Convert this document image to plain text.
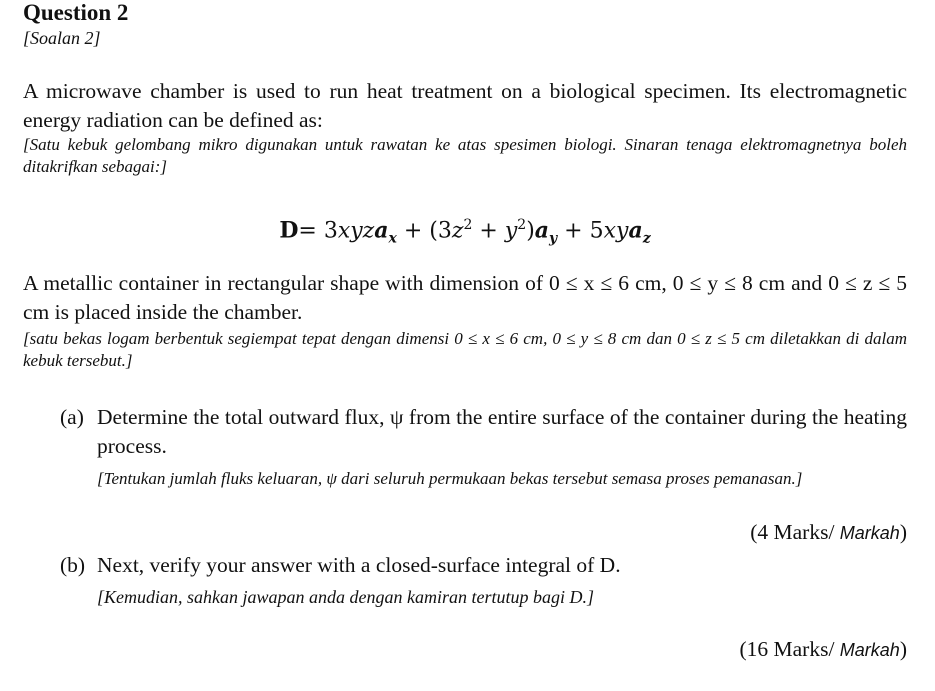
Question 2
[Soalan 2]
A microwave chamber is used to run heat treatment on a biological specimen. Its electromagnetic energy radiation can be defined as:
[Satu kebuk gelombang mikro digunakan untuk rawatan ke atas spesimen biologi. Sinaran tenaga elektromagnetnya boleh ditakrifkan sebagai:]
D= 3xyza$_x$ + $(3z^2 + y^2)a_y + 5xya_z$
A metallic container in rectangular shape with dimension of 0 ≤ x ≤ 6 cm, 0 ≤ y ≤ 8 cm and 0 ≤ z ≤ 5 cm is placed inside the chamber.
[satu bekas logam berbentuk segiempat tepat dengan dimensi 0 ≤ x ≤ 6 cm, 0 ≤ y ≤ 8 cm dan 0 ≤ z ≤ 5 cm diletakkan di dalam kebuk tersebut.]
(a) Determine the total outward flux, ψ from the entire surface of the container during the heating process.
[Tentukan jumlah fluks keluaran, ψ dari seluruh permukaan bekas tersebut semasa proses pemanasan.]
(4 Marks/ Markah)
(b) Next, verify your answer with a closed-surface integral of D.
[Kemudian, sahkan jawapan anda dengan kamiran tertutup bagi D.]
(16 Marks/ Markah)
